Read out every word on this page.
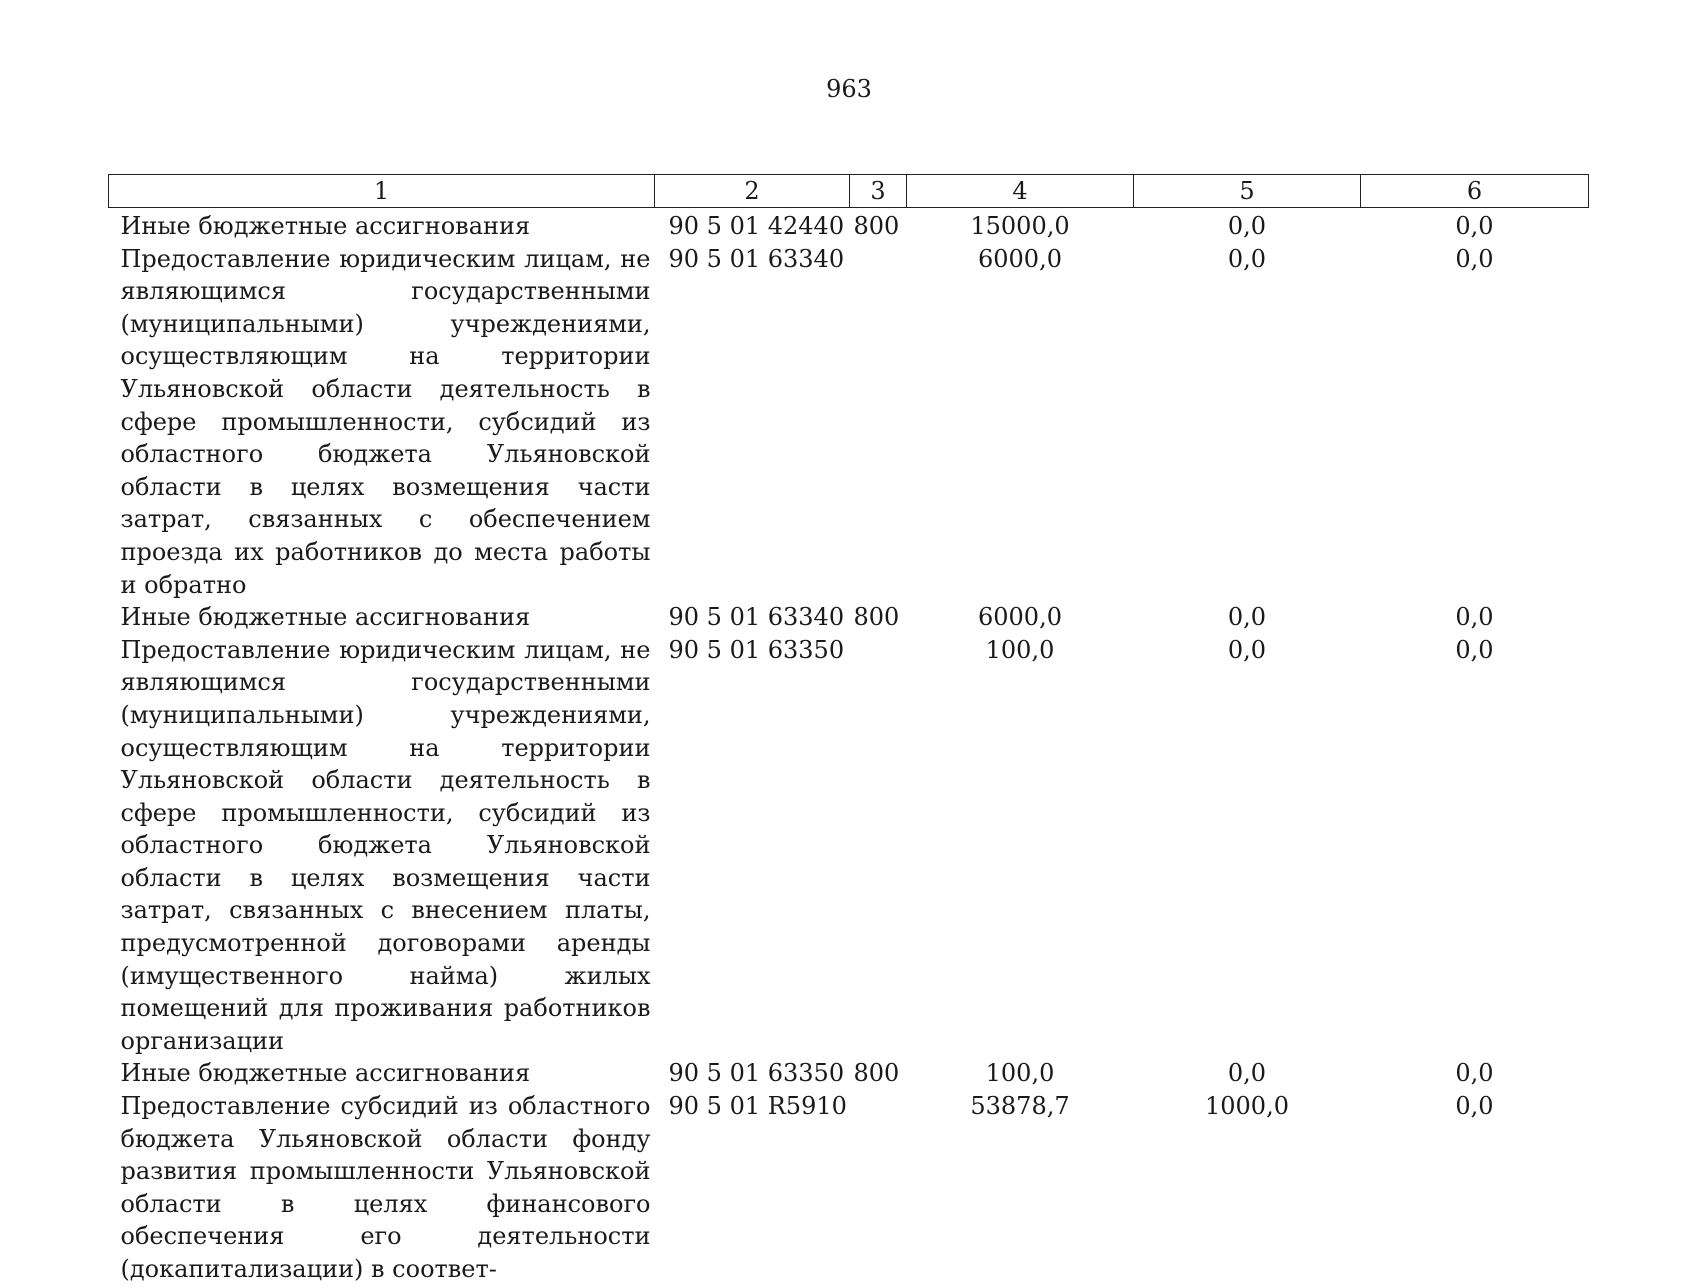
963
1	2	3	4	5	6
Иные бюджетные ассигнования	90 5 01 42440	800	15000,0	0,0	0,0
Предоставление юридическим лицам, не являющимся государственными (муниципальными) учреждениями, осуществляющим на территории Ульяновской области деятельность в сфере промышленности, субсидий из областного бюджета Ульяновской области в целях возмещения части затрат, связанных с обеспечением проезда их работников до места работы и обратно	90 5 01 63340		6000,0	0,0	0,0
Иные бюджетные ассигнования	90 5 01 63340	800	6000,0	0,0	0,0
Предоставление юридическим лицам, не являющимся государственными (муниципальными) учреждениями, осуществляющим на территории Ульяновской области деятельность в сфере промышленности, субсидий из областного бюджета Ульяновской области в целях возмещения части затрат, связанных с внесением платы, предусмотренной договорами аренды (имущественного найма) жилых помещений для проживания работников организации	90 5 01 63350		100,0	0,0	0,0
Иные бюджетные ассигнования	90 5 01 63350	800	100,0	0,0	0,0
Предоставление субсидий из областного бюджета Ульяновской области фонду развития промышленности Ульяновской области в целях финансового обеспечения его деятельности (докапитализации) в соответ-	90 5 01 R5910		53878,7	1000,0	0,0
